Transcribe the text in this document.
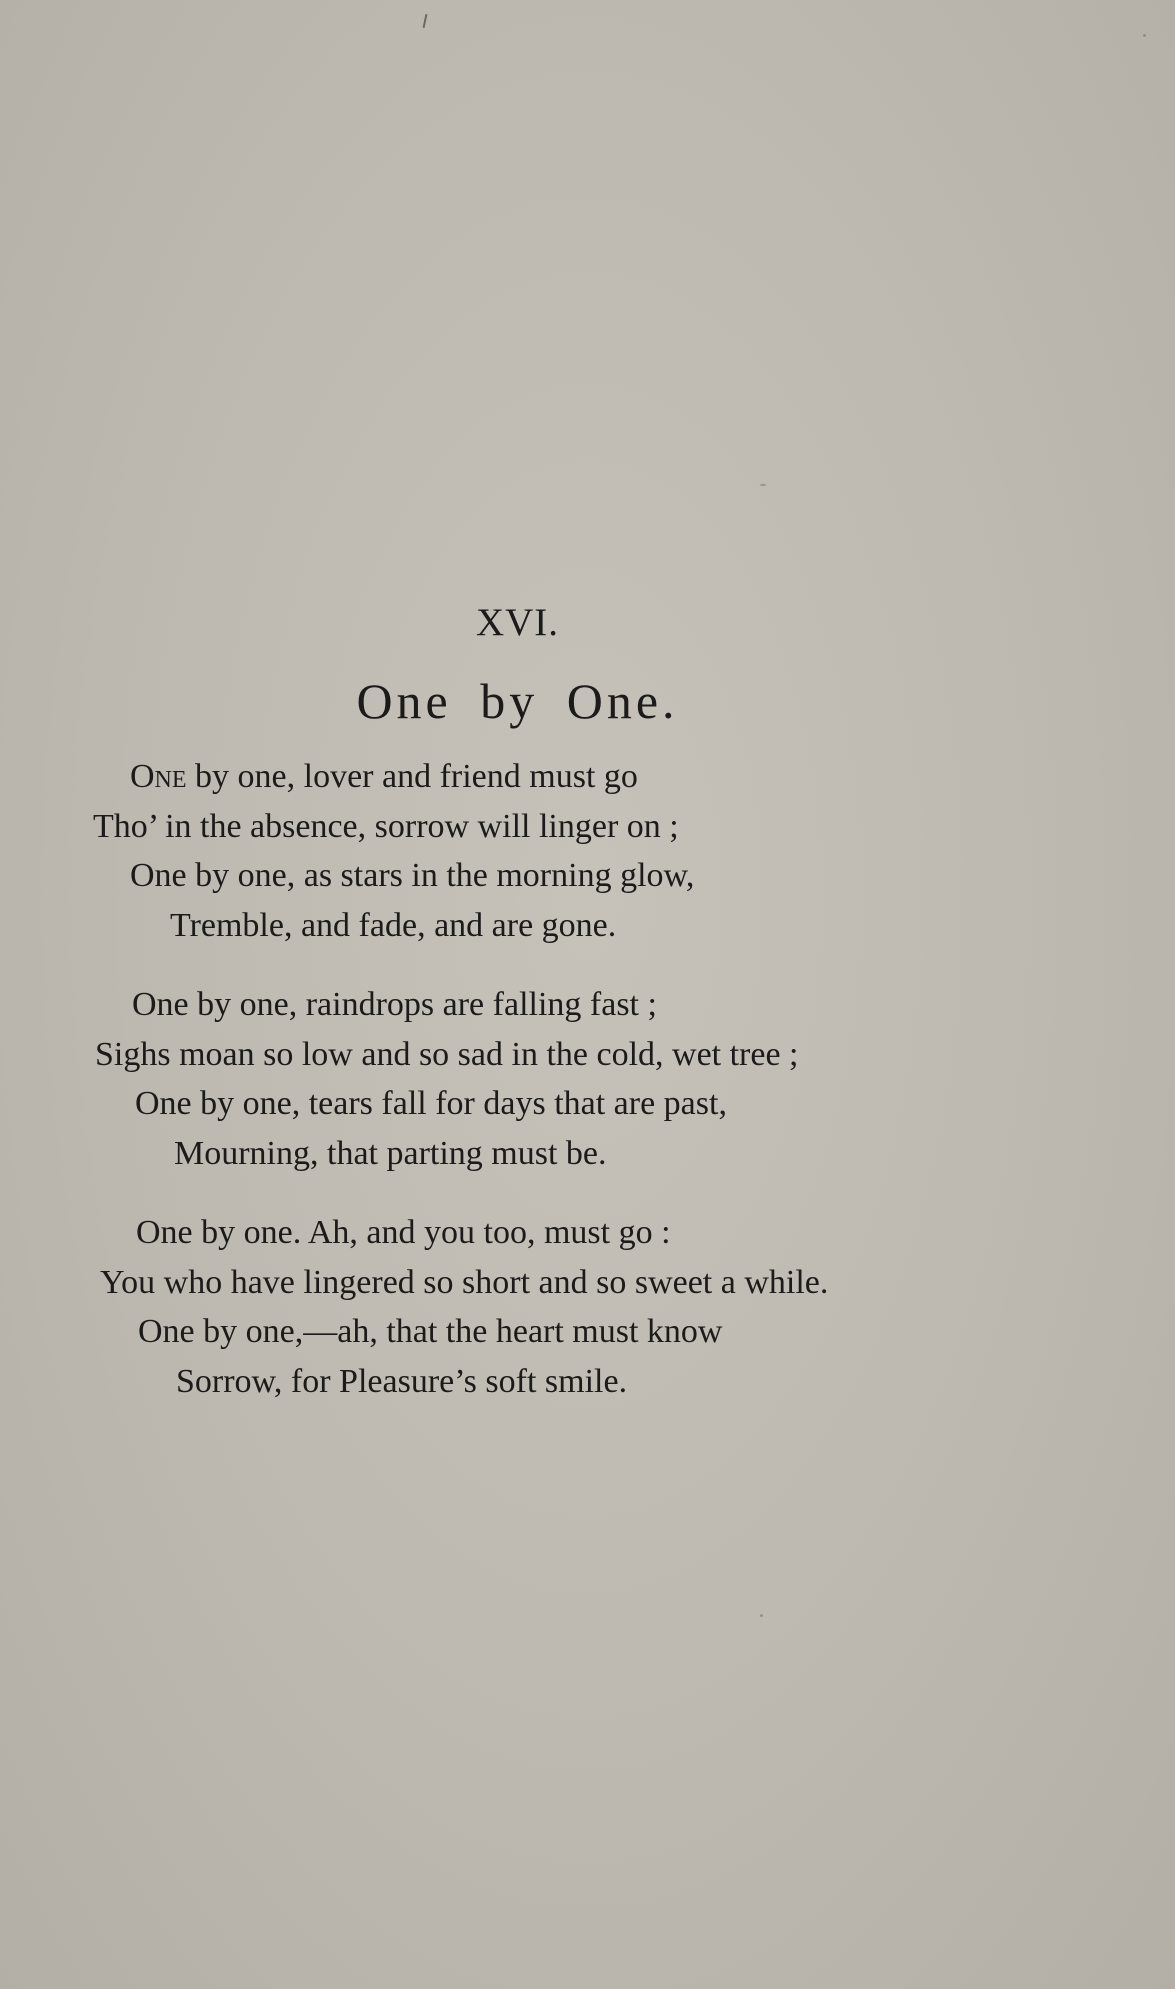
XVI.
One by One.
One by one, lover and friend must go
Tho’ in the absence, sorrow will linger on ;
One by one, as stars in the morning glow,
Tremble, and fade, and are gone.
One by one, raindrops are falling fast ;
Sighs moan so low and so sad in the cold, wet tree ;
One by one, tears fall for days that are past,
Mourning, that parting must be.
One by one. Ah, and you too, must go :
You who have lingered so short and so sweet a while.
One by one,—ah, that the heart must know
Sorrow, for Pleasure’s soft smile.
